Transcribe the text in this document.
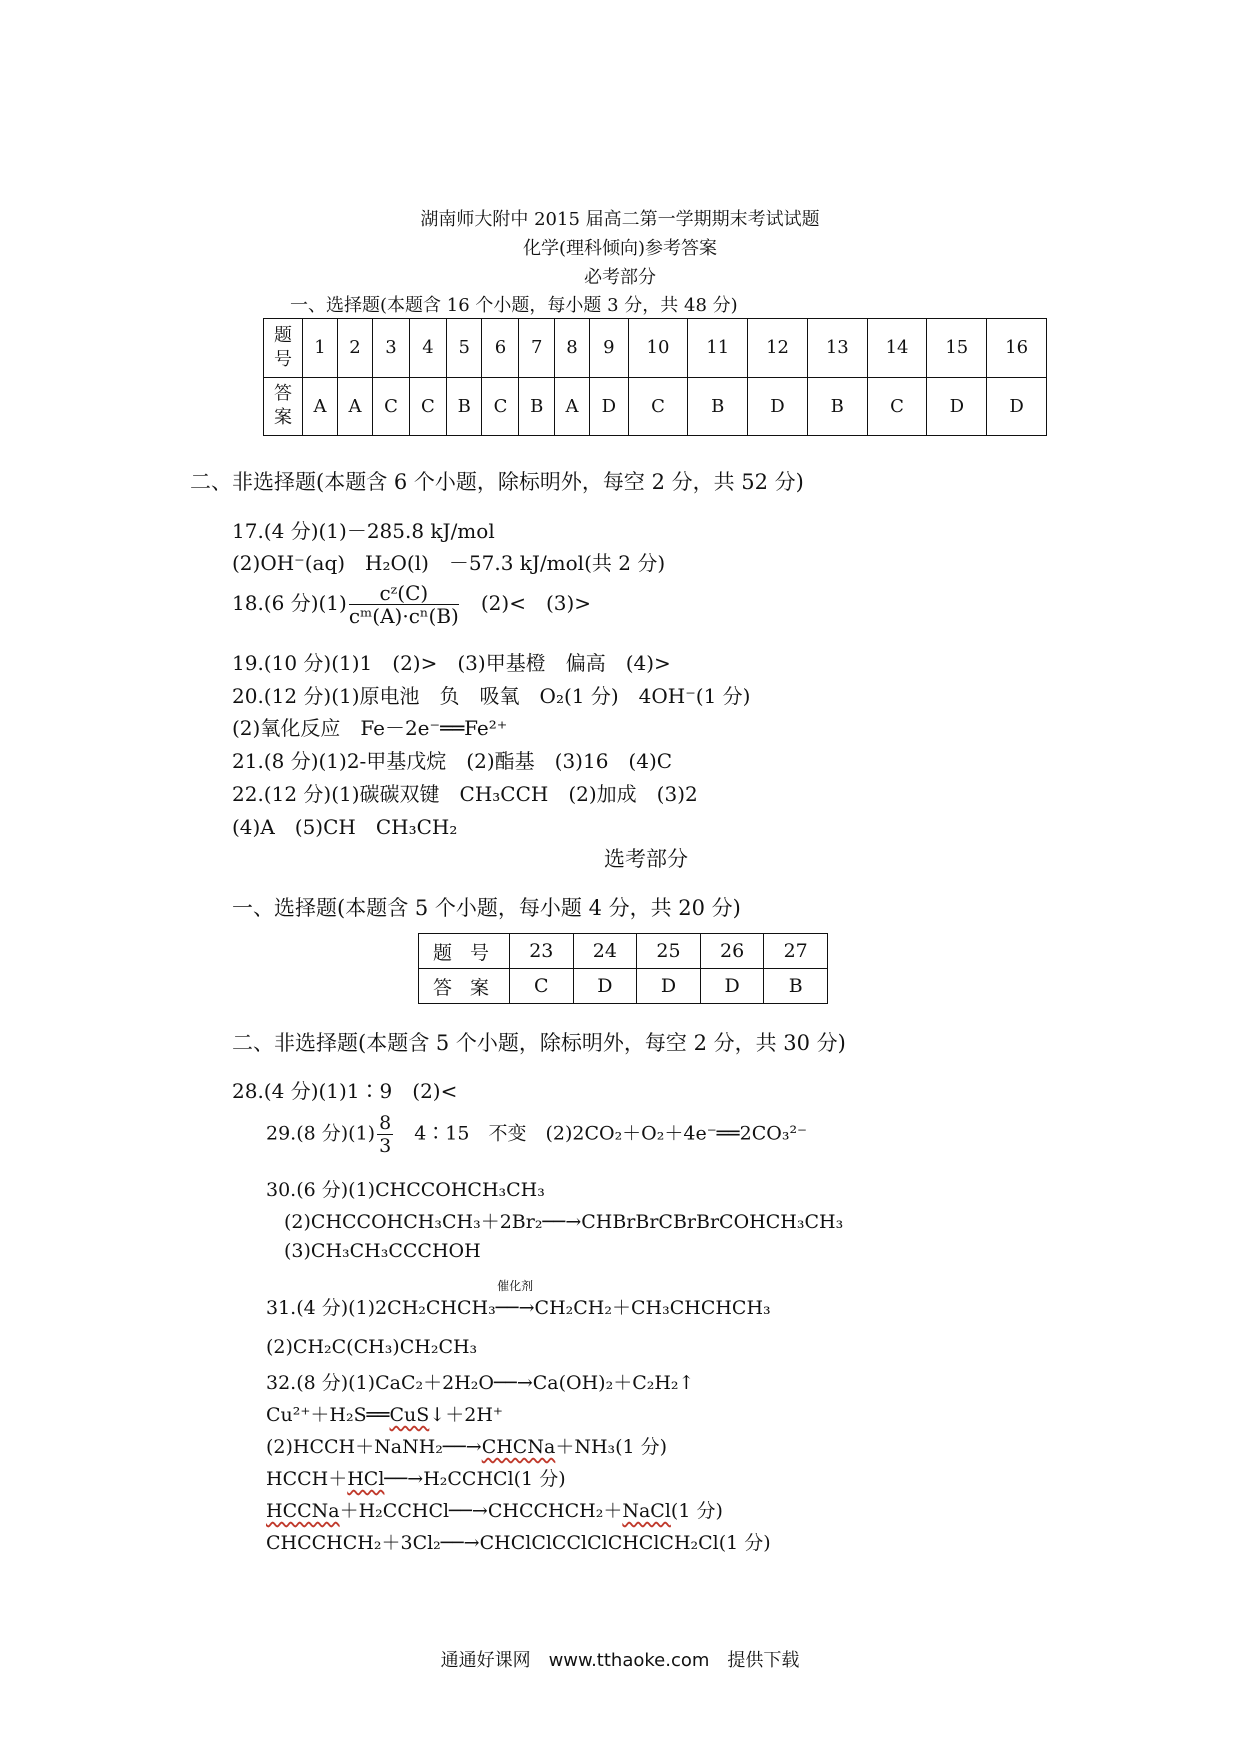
湖南师大附中 2015 届高二第一学期期末考试试题
化学(理科倾向)参考答案
必考部分
一、选择题(本题含 16 个小题，每小题 3 分，共 48 分)
题
号	1	2	3	4	5	6	7	8	9	10	11	12	13	14	15	16
答
案	A	A	C	C	B	C	B	A	D	C	B	D	B	C	D	D
二、非选择题(本题含 6 个小题，除标明外，每空 2 分，共 52 分)
17.(4 分)(1)－285.8 kJ/mol
(2)OH⁻(aq)　H₂O(l)　－57.3 kJ/mol(共 2 分)
18.(6 分)$(1) \frac{\text{cᶻ(C)}}{\text{cᵐ(A)·cⁿ(B)}}$
　 (2)<　(3)>
19.(10 分)(1)1　(2)>　(3)甲基橙　偏高　(4)>
20.(12 分)(1)原电池　负　吸氧　O₂(1 分)　4OH⁻(1 分)
(2)氧化反应　Fe－2e⁻══Fe²⁺
21.(8 分)(1)2-甲基戊烷　(2)酯基　(3)16　(4)C
22.(12 分)(1)碳碳双键　CH₃CCH　(2)加成　(3)2
(4)A　(5)CH　CH₃CH₂
选考部分
一、选择题(本题含 5 个小题，每小题 4 分，共 20 分)
题 号	23	24	25	26	27
答 案	C	D	D	D	B
二、非选择题(本题含 5 个小题，除标明外，每空 2 分，共 30 分)
28.(4 分)(1)1∶9　(2)<
29.(8 分)$(1) \frac{8}{3}$ 　4∶15　不变　(2)2CO₂＋O₂＋4e⁻══2CO₃²⁻
30.(6 分)(1)CHCCOHCH₃CH₃
(2)CHCCOHCH₃CH₃＋2Br₂──→CHBrBrCBrBrCOHCH₃CH₃
(3)CH₃CH₃CCCHOH
31.(4 分)(1)2CH₂CHCH₃
催化剂
──→CH₂CH₂＋CH₃CHCHCH₃
(2)CH₂C(CH₃)CH₂CH₃
32.(8 分)(1)CaC₂＋2H₂O──→Ca(OH)₂＋C₂H₂↑
Cu²⁺＋H₂S══CuS↓＋2H⁺
(2)HCCH＋NaNH₂──→CHCNa＋NH₃(1 分)
HCCH＋HCl──→H₂CCHCl(1 分)
HCCNa＋H₂CCHCl──→CHCCHCH₂＋NaCl(1 分)
CHCCHCH₂＋3Cl₂──→CHClClCClClCHClCH₂Cl(1 分)
通通好课网　www.tthaoke.com　提供下载
